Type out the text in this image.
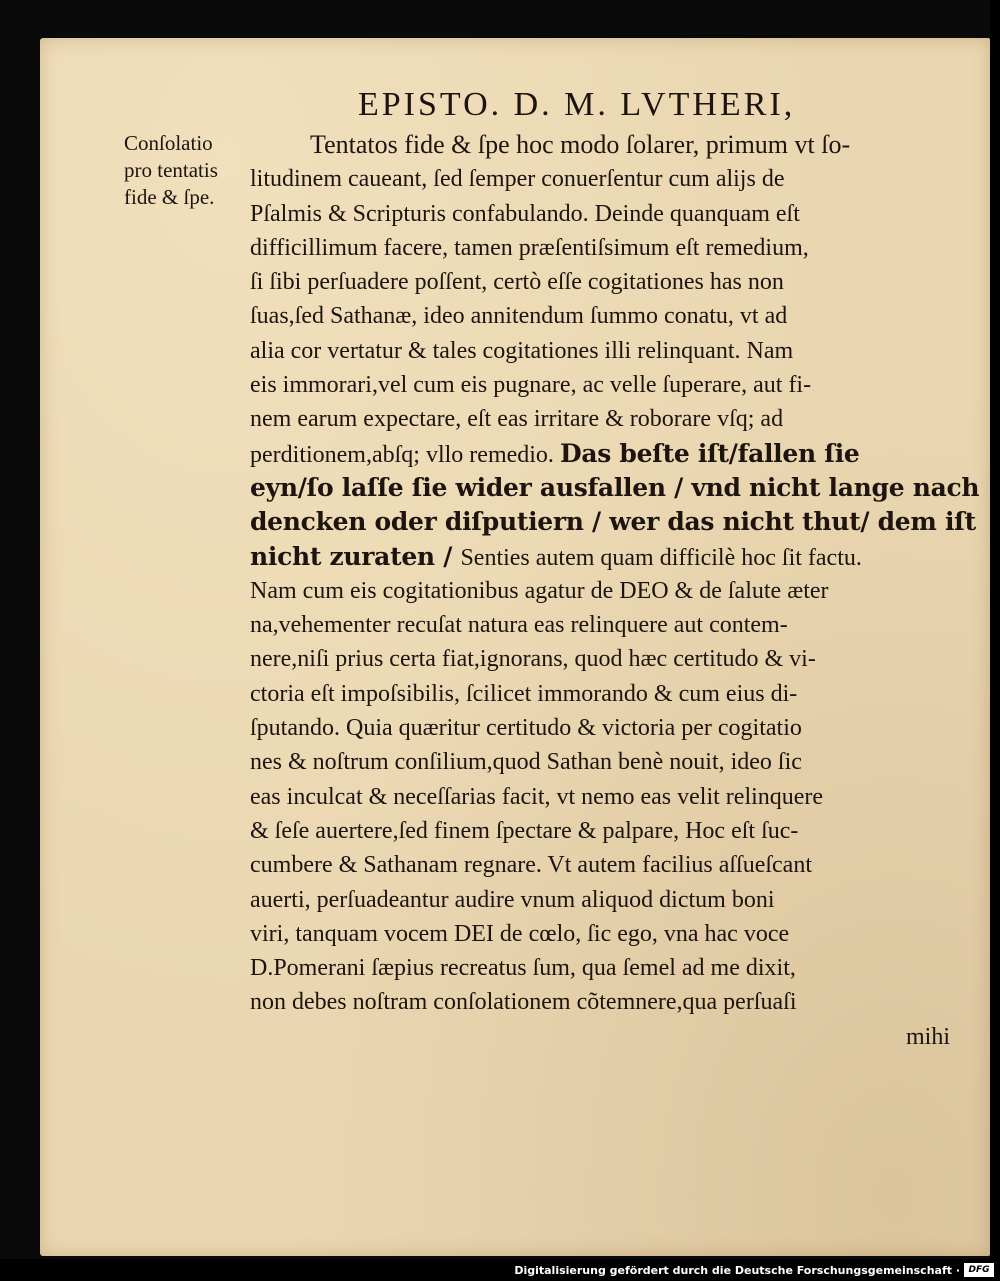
EPISTO. D. M. LVTHERI,
Conſolatio
pro tentatis
fide & ſpe.
Tentatos fide & ſpe hoc modo ſolarer, primum vt ſo-
litudinem caueant, ſed ſemper conuerſentur cum alijs de
Pſalmis & Scripturis confabulando. Deinde quanquam eſt
difficillimum facere, tamen præſentiſsimum eſt remedium,
ſi ſibi perſuadere poſſent, certò eſſe cogitationes has non
ſuas,ſed Sathanæ, ideo annitendum ſummo conatu, vt ad
alia cor vertatur & tales cogitationes illi relinquant. Nam
eis immorari,vel cum eis pugnare, ac velle ſuperare, aut fi-
nem earum expectare, eſt eas irritare & roborare vſq; ad
perditionem,abſq; vllo remedio. Das beſte iſt/fallen ſie
eyn/ſo laſſe ſie wider ausfallen / vnd nicht lange nach
dencken oder diſputiern / wer das nicht thut/ dem iſt
nicht zuraten / Senties autem quam difficilè hoc ſit factu.
Nam cum eis cogitationibus agatur de DEO & de ſalute æter
na,vehementer recuſat natura eas relinquere aut contem-
nere,niſi prius certa fiat,ignorans, quod hæc certitudo & vi-
ctoria eſt impoſsibilis, ſcilicet immorando & cum eius di-
ſputando. Quia quæritur certitudo & victoria per cogitatio
nes & noſtrum conſilium,quod Sathan benè nouit, ideo ſic
eas inculcat & neceſſarias facit, vt nemo eas velit relinquere
& ſeſe auertere,ſed finem ſpectare & palpare, Hoc eſt ſuc-
cumbere & Sathanam regnare. Vt autem facilius aſſueſcant
auerti, perſuadeantur audire vnum aliquod dictum boni
viri, tanquam vocem DEI de cœlo, ſic ego, vna hac voce
D.Pomerani ſæpius recreatus ſum, qua ſemel ad me dixit,
non debes noſtram conſolationem cõtemnere,qua perſuaſi
mihi
Digitalisierung gefördert durch die Deutsche Forschungsgemeinschaft · DFG
